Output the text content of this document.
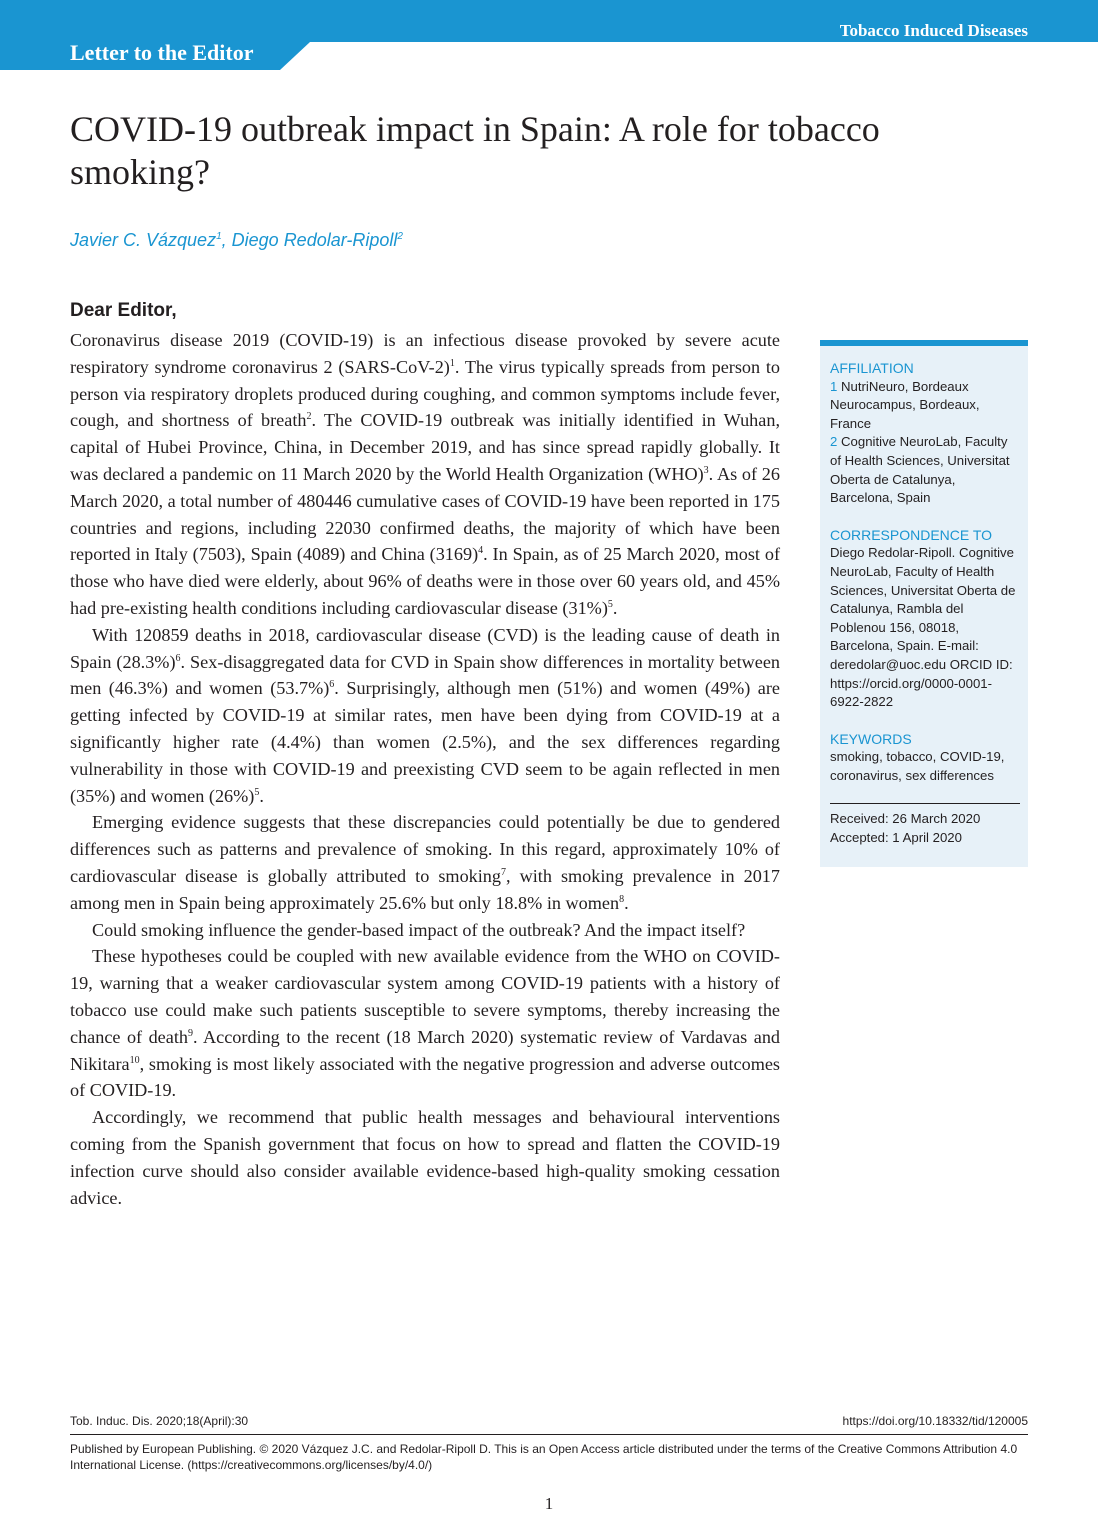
Tobacco Induced Diseases
Letter to the Editor
COVID-19 outbreak impact in Spain: A role for tobacco smoking?
Javier C. Vázquez$^1$, Diego Redolar-Ripoll$^2$
Dear Editor,

Coronavirus disease 2019 (COVID-19) is an infectious disease provoked by severe acute respiratory syndrome coronavirus 2 (SARS-CoV-2)$^1$. The virus typically spreads from person to person via respiratory droplets produced during coughing, and common symptoms include fever, cough, and shortness of breath$^2$. The COVID-19 outbreak was initially identified in Wuhan, capital of Hubei Province, China, in December 2019, and has since spread rapidly globally. It was declared a pandemic on 11 March 2020 by the World Health Organization (WHO)$^3$. As of 26 March 2020, a total number of 480446 cumulative cases of COVID-19 have been reported in 175 countries and regions, including 22030 confirmed deaths, the majority of which have been reported in Italy (7503), Spain (4089) and China $(3169)^4$. In Spain, as of 25 March 2020, most of those who have died were elderly, about 96% of deaths were in those over 60 years old, and 45% had pre-existing health conditions including cardiovascular disease $(31\%)^5$.

With 120859 deaths in 2018, cardiovascular disease (CVD) is the leading cause of death in Spain $(28.3\%)^6$. Sex-disaggregated data for CVD in Spain show differences in mortality between men (46.3%) and women $(53.7\%)^6$. Surprisingly, although men (51%) and women (49%) are getting infected by COVID-19 at similar rates, men have been dying from COVID-19 at a significantly higher rate (4.4%) than women (2.5%), and the sex differences regarding vulnerability in those with COVID-19 and preexisting CVD seem to be again reflected in men (35%) and women $(26\%)^5$.

Emerging evidence suggests that these discrepancies could potentially be due to gendered differences such as patterns and prevalence of smoking. In this regard, approximately 10% of cardiovascular disease is globally attributed to smoking$^7$, with smoking prevalence in 2017 among men in Spain being approximately 25.6% but only 18.8% in women$^8$.

Could smoking influence the gender-based impact of the outbreak? And the impact itself?

These hypotheses could be coupled with new available evidence from the WHO on COVID-19, warning that a weaker cardiovascular system among COVID-19 patients with a history of tobacco use could make such patients susceptible to severe symptoms, thereby increasing the chance of death$^9$. According to the recent (18 March 2020) systematic review of Vardavas and Nikitara$^{10}$, smoking is most likely associated with the negative progression and adverse outcomes of COVID-19.

Accordingly, we recommend that public health messages and behavioural interventions coming from the Spanish government that focus on how to spread and flatten the COVID-19 infection curve should also consider available evidence-based high-quality smoking cessation advice.

AFFILIATION
1 NutriNeuro, Bordeaux Neurocampus, Bordeaux, France
2 Cognitive NeuroLab, Faculty of Health Sciences, Universitat Oberta de Catalunya, Barcelona, Spain
CORRESPONDENCE TO
Diego Redolar-Ripoll. Cognitive NeuroLab, Faculty of Health Sciences, Universitat Oberta de Catalunya, Rambla del Poblenou 156, 08018, Barcelona, Spain. E-mail: deredolar@uoc.edu ORCID ID: https://orcid.org/0000-0001-6922-2822
KEYWORDS
smoking, tobacco, COVID-19, coronavirus, sex differences
Received: 26 March 2020
Accepted: 1 April 2020
Tob. Induc. Dis. 2020;18(April):30	https://doi.org/10.18332/tid/120005
Published by European Publishing. © 2020 Vázquez J.C. and Redolar-Ripoll D. This is an Open Access article distributed under the terms of the Creative Commons Attribution 4.0 International License. (https://creativecommons.org/licenses/by/4.0/)
1
